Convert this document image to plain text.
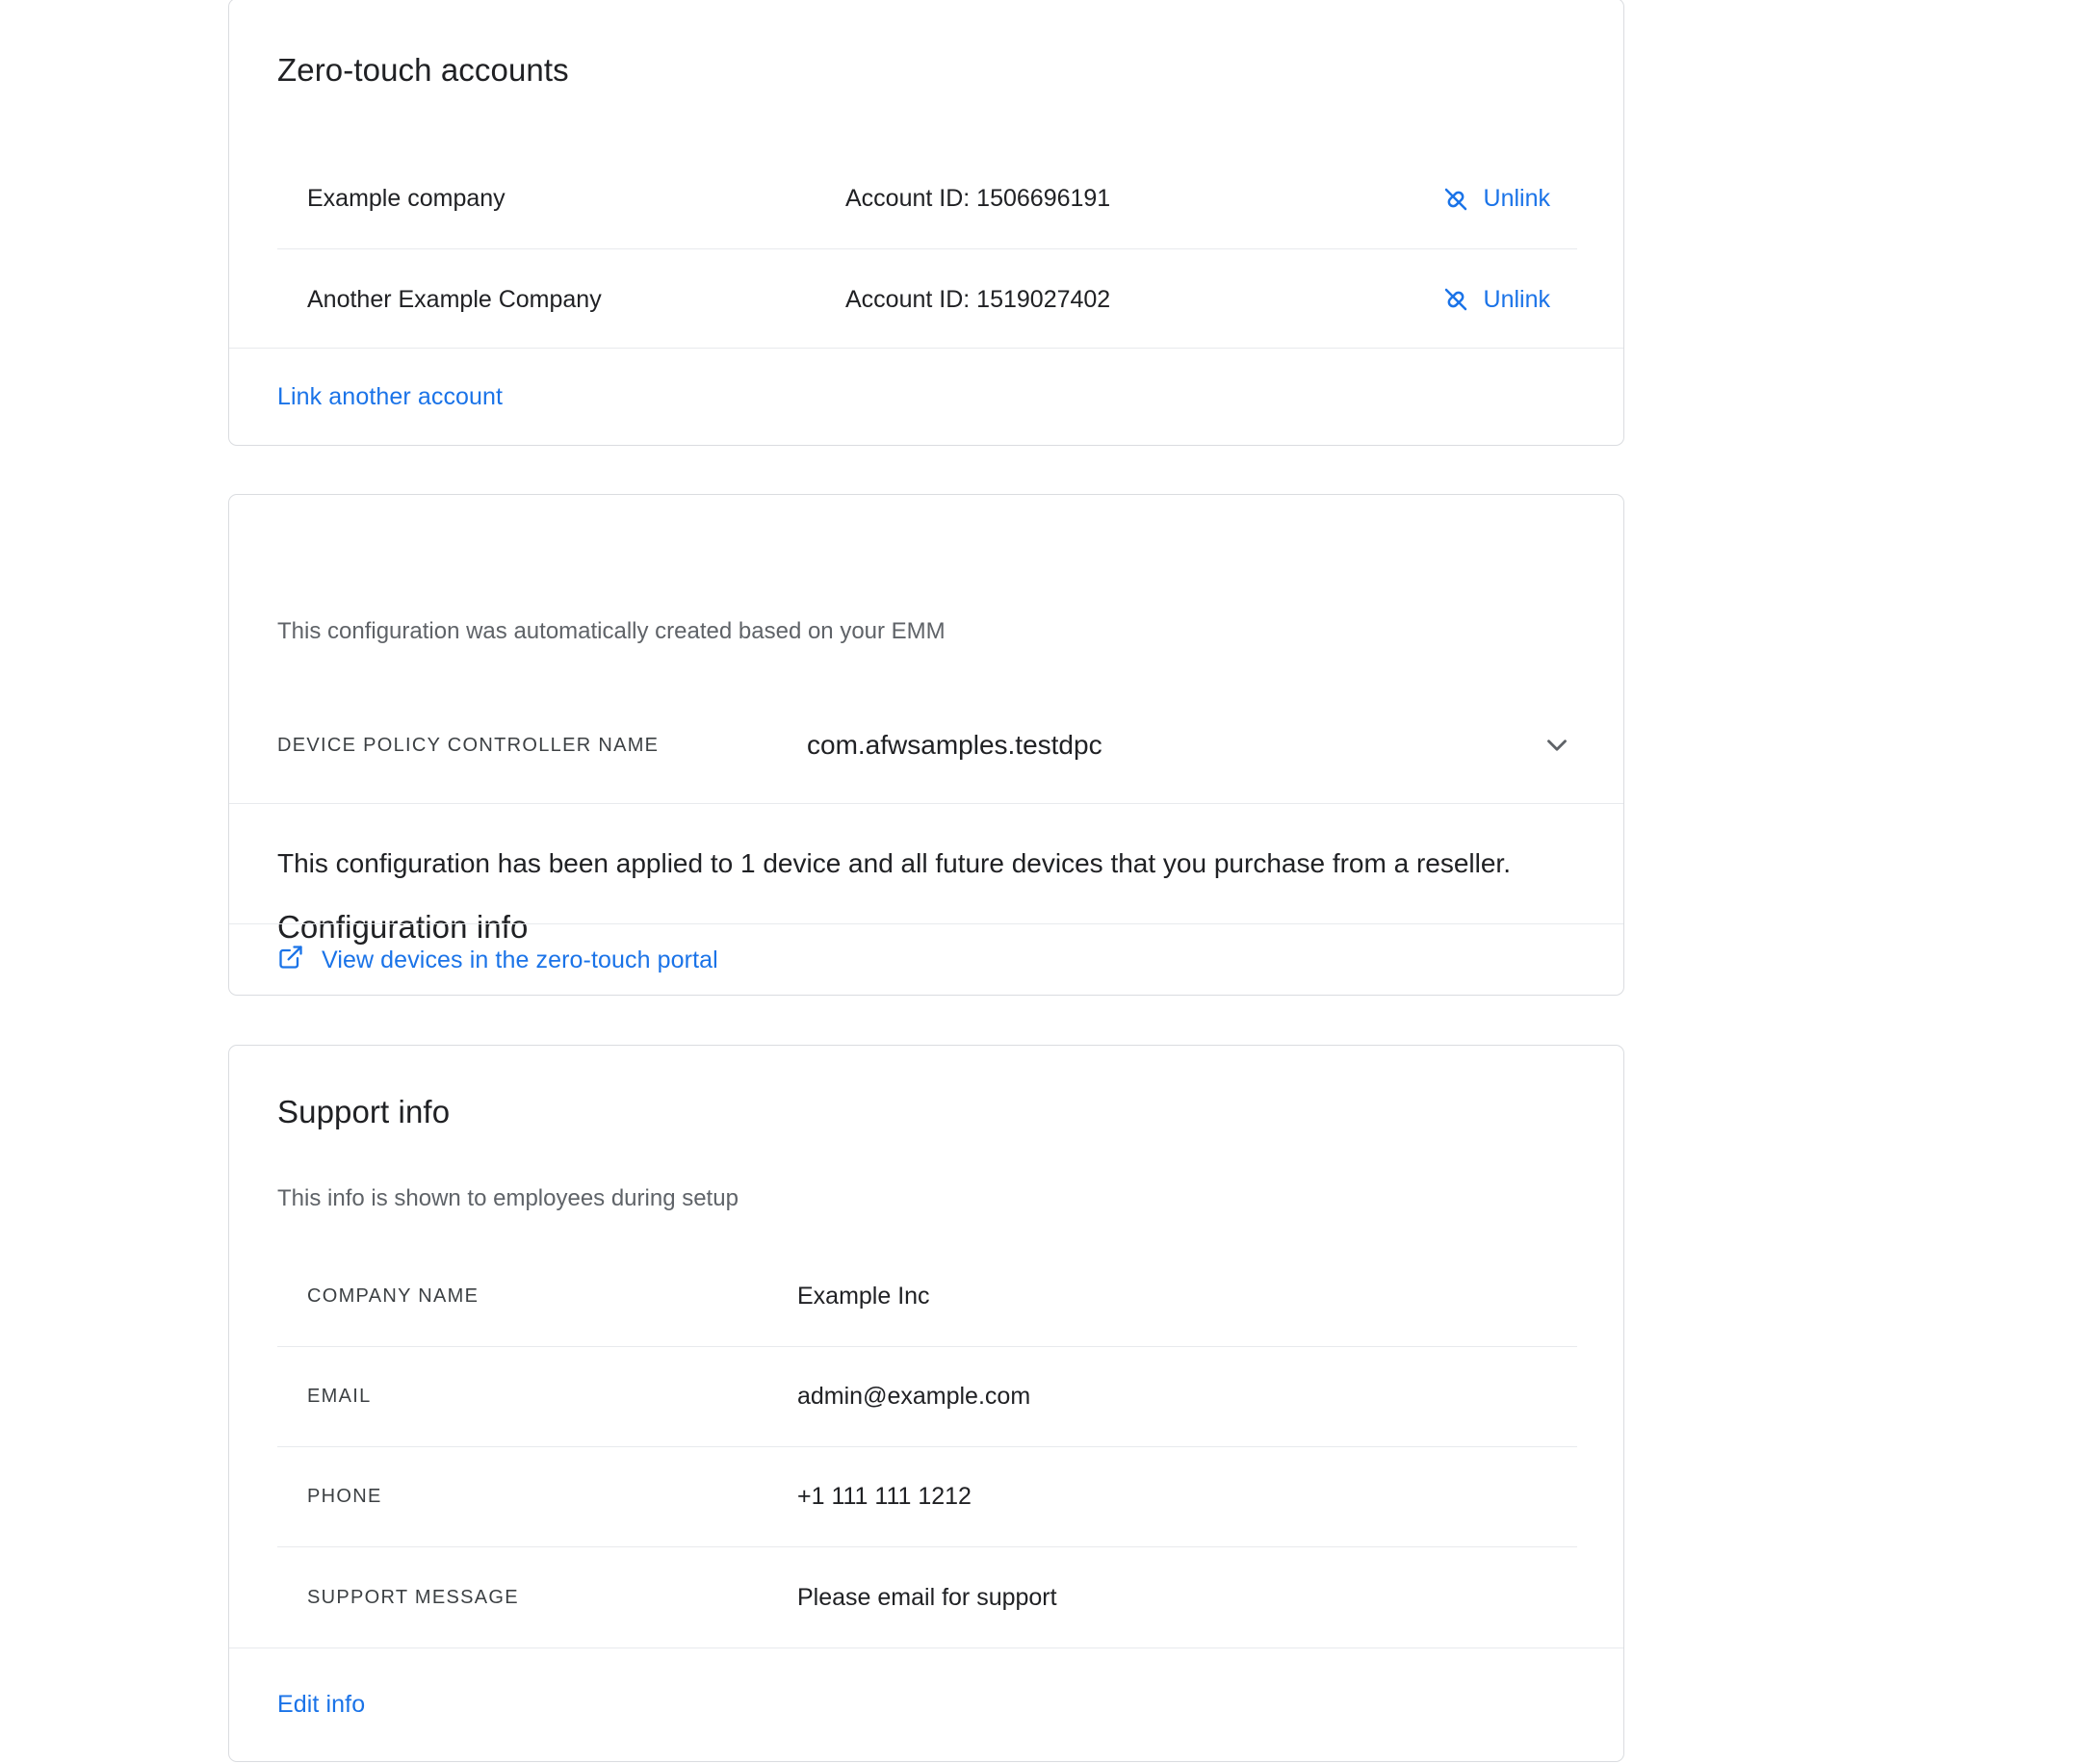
Zero-touch accounts
Example company	Account ID: 1506696191	Unlink
Another Example Company	Account ID: 1519027402	Unlink
Link another account
Configuration info
This configuration was automatically created based on your EMM
DEVICE POLICY CONTROLLER NAME	com.afwsamples.testdpc
This configuration has been applied to 1 device and all future devices that you purchase from a reseller.
View devices in the zero-touch portal
Support info
This info is shown to employees during setup
COMPANY NAME	Example Inc
EMAIL	admin@example.com
PHONE	+1 111 111 1212
SUPPORT MESSAGE	Please email for support
Edit info
